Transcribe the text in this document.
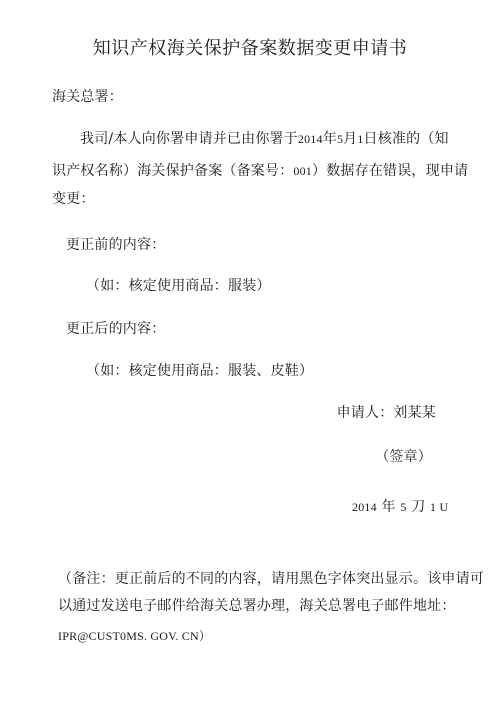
知识产权海关保护备案数据变更申请书
海关总署：
我司/本人向你署申请并已由你署于2014年5月1日核准的（知
识产权名称）海关保护备案（备案号：001）数据存在错误，现申请
变更：
更正前的内容：
（如：核定使用商品：服装）
更正后的内容：
（如：核定使用商品：服装、皮鞋）
申请人：刘某某
（签章）
2014 年 5 刀 1 U
（备注：更正前后的不同的内容，请用黑色字体突出显示。该申请可
以通过发送电子邮件给海关总署办理，海关总署电子邮件地址：
IPR@CUST0MS. GOV. CN）
